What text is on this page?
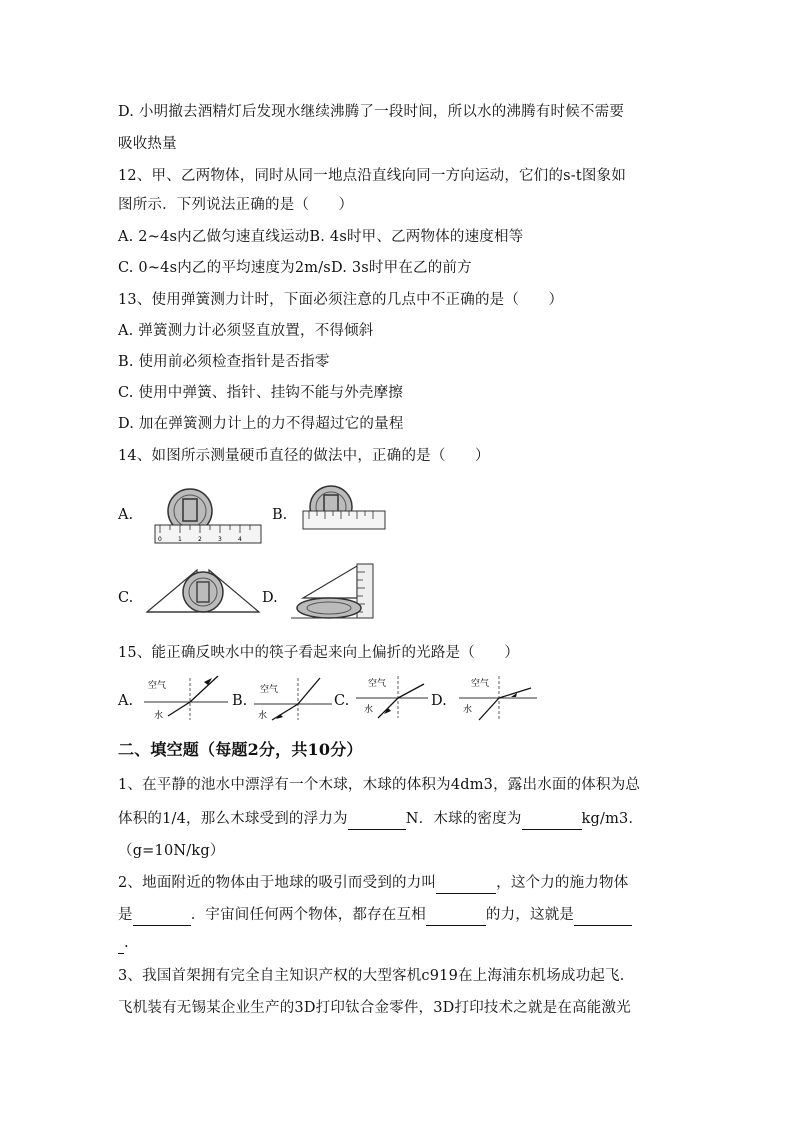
D. 小明撤去酒精灯后发现水继续沸腾了一段时间，所以水的沸腾有时候不需要
吸收热量
12、甲、乙两物体，同时从同一地点沿直线向同一方向运动，它们的s-t图象如
图所示．下列说法正确的是（　　）
A. 2~4s内乙做匀速直线运动B. 4s时甲、乙两物体的速度相等
C. 0~4s内乙的平均速度为2m/sD. 3s时甲在乙的前方
13、使用弹簧测力计时，下面必须注意的几点中不正确的是（　　）
A. 弹簧测力计必须竖直放置，不得倾斜
B. 使用前必须检查指针是否指零
C. 使用中弹簧、指针、挂钩不能与外壳摩擦
D. 加在弹簧测力计上的力不得超过它的量程
14、如图所示测量硬币直径的做法中，正确的是（　　）
A.
0	1	2	3	4
B.
C.	D.
15、能正确反映水中的筷子看起来向上偏折的光路是（　　）
A.
空气
水
B.
空气
水
C.
空气
水
D.
空气
水
二、填空题（每题2分，共10分）
1、在平静的池水中漂浮有一个木球，木球的体积为4dm3，露出水面的体积为总
体积的1/4，那么木球受到的浮力为	N．木球的密度为	kg/m3．
（g=10N/kg）
2、地面附近的物体由于地球的吸引而受到的力叫	，这个力的施力物体
是	．宇宙间任何两个物体，都存在互相	的力，这就是
.
3、我国首架拥有完全自主知识产权的大型客机c919在上海浦东机场成功起飞．
飞机装有无锡某企业生产的3D打印钛合金零件，3D打印技术之就是在高能激光
